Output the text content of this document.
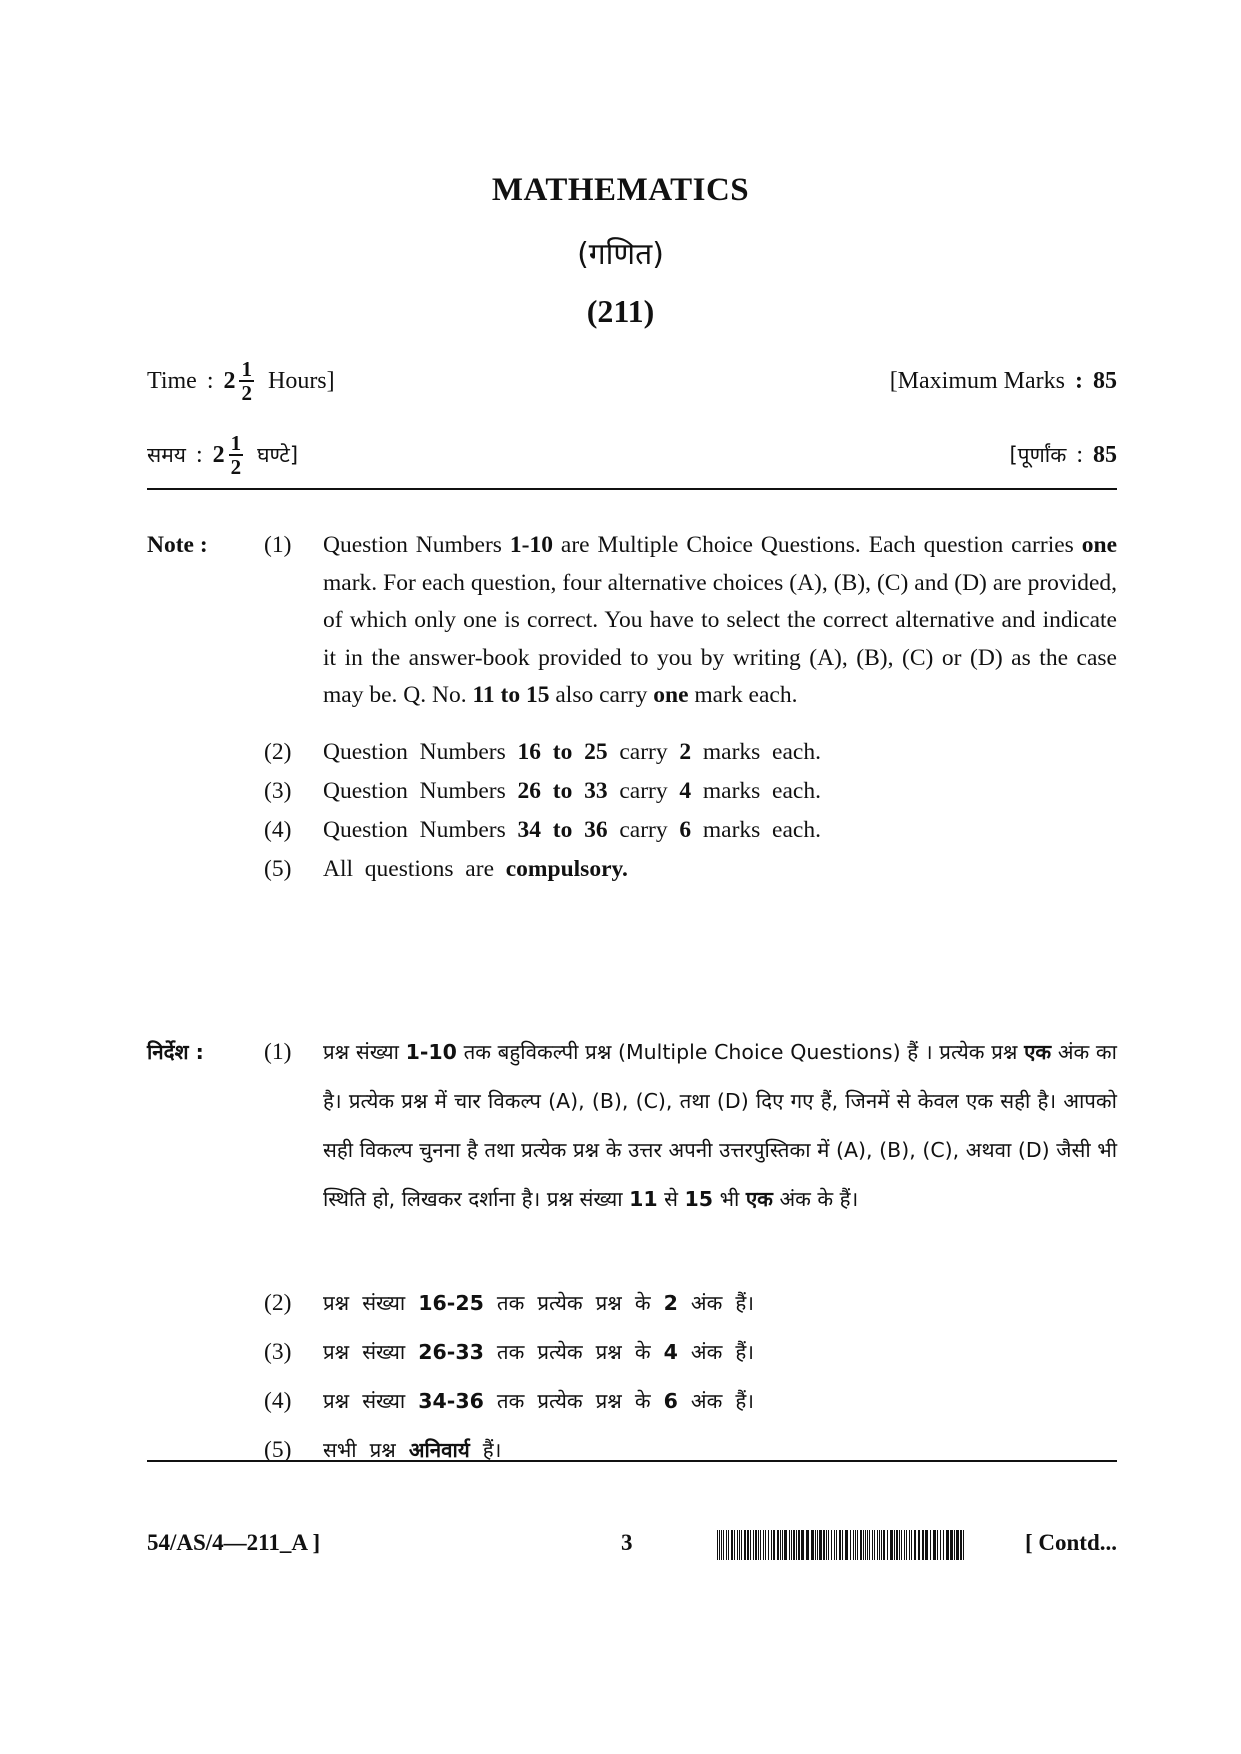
MATHEMATICS
(गणित)
(211)
Time : $2 \frac{1}{2}$ Hours]	[Maximum Marks : 85
समय : $2 \frac{1}{2}$ घण्टे]	[पूर्णांक : 85
Note : (1) Question Numbers 1-10 are Multiple Choice Questions. Each question carries one mark. For each question, four alternative choices (A), (B), (C) and (D) are provided, of which only one is correct. You have to select the correct alternative and indicate it in the answer-book provided to you by writing (A), (B), (C) or (D) as the case may be. Q. No. 11 to 15 also carry one mark each.
(2) Question  Numbers  16  to  25  carry  2  marks  each.
(3) Question  Numbers  26  to  33  carry  4  marks  each.
(4) Question  Numbers  34  to  36  carry  6  marks  each.
(5) All  questions  are  compulsory.
निर्देश :	(1) प्रश्न संख्या 1-10 तक बहुविकल्पी प्रश्न (Multiple Choice Questions) हैं । प्रत्येक प्रश्न एक अंक का है। प्रत्येक प्रश्न में चार विकल्प (A), (B), (C), तथा (D) दिए गए हैं, जिनमें से केवल एक सही है। आपको सही विकल्प चुनना है तथा प्रत्येक प्रश्न के उत्तर अपनी उत्तरपुस्तिका में (A), (B), (C), अथवा (D) जैसी भी स्थिति हो, लिखकर दर्शाना है। प्रश्न संख्या 11 से 15 भी एक अंक के हैं।
(2) प्रश्न  संख्या  16-25  तक  प्रत्येक  प्रश्न  के  2  अंक  हैं।
(3) प्रश्न  संख्या  26-33  तक  प्रत्येक  प्रश्न  के  4  अंक  हैं।
(4) प्रश्न  संख्या  34-36  तक  प्रत्येक  प्रश्न  के  6  अंक  हैं।
(5) सभी  प्रश्न  अनिवार्य  हैं।
54/AS/4—211_A ]	3	[ Contd...
